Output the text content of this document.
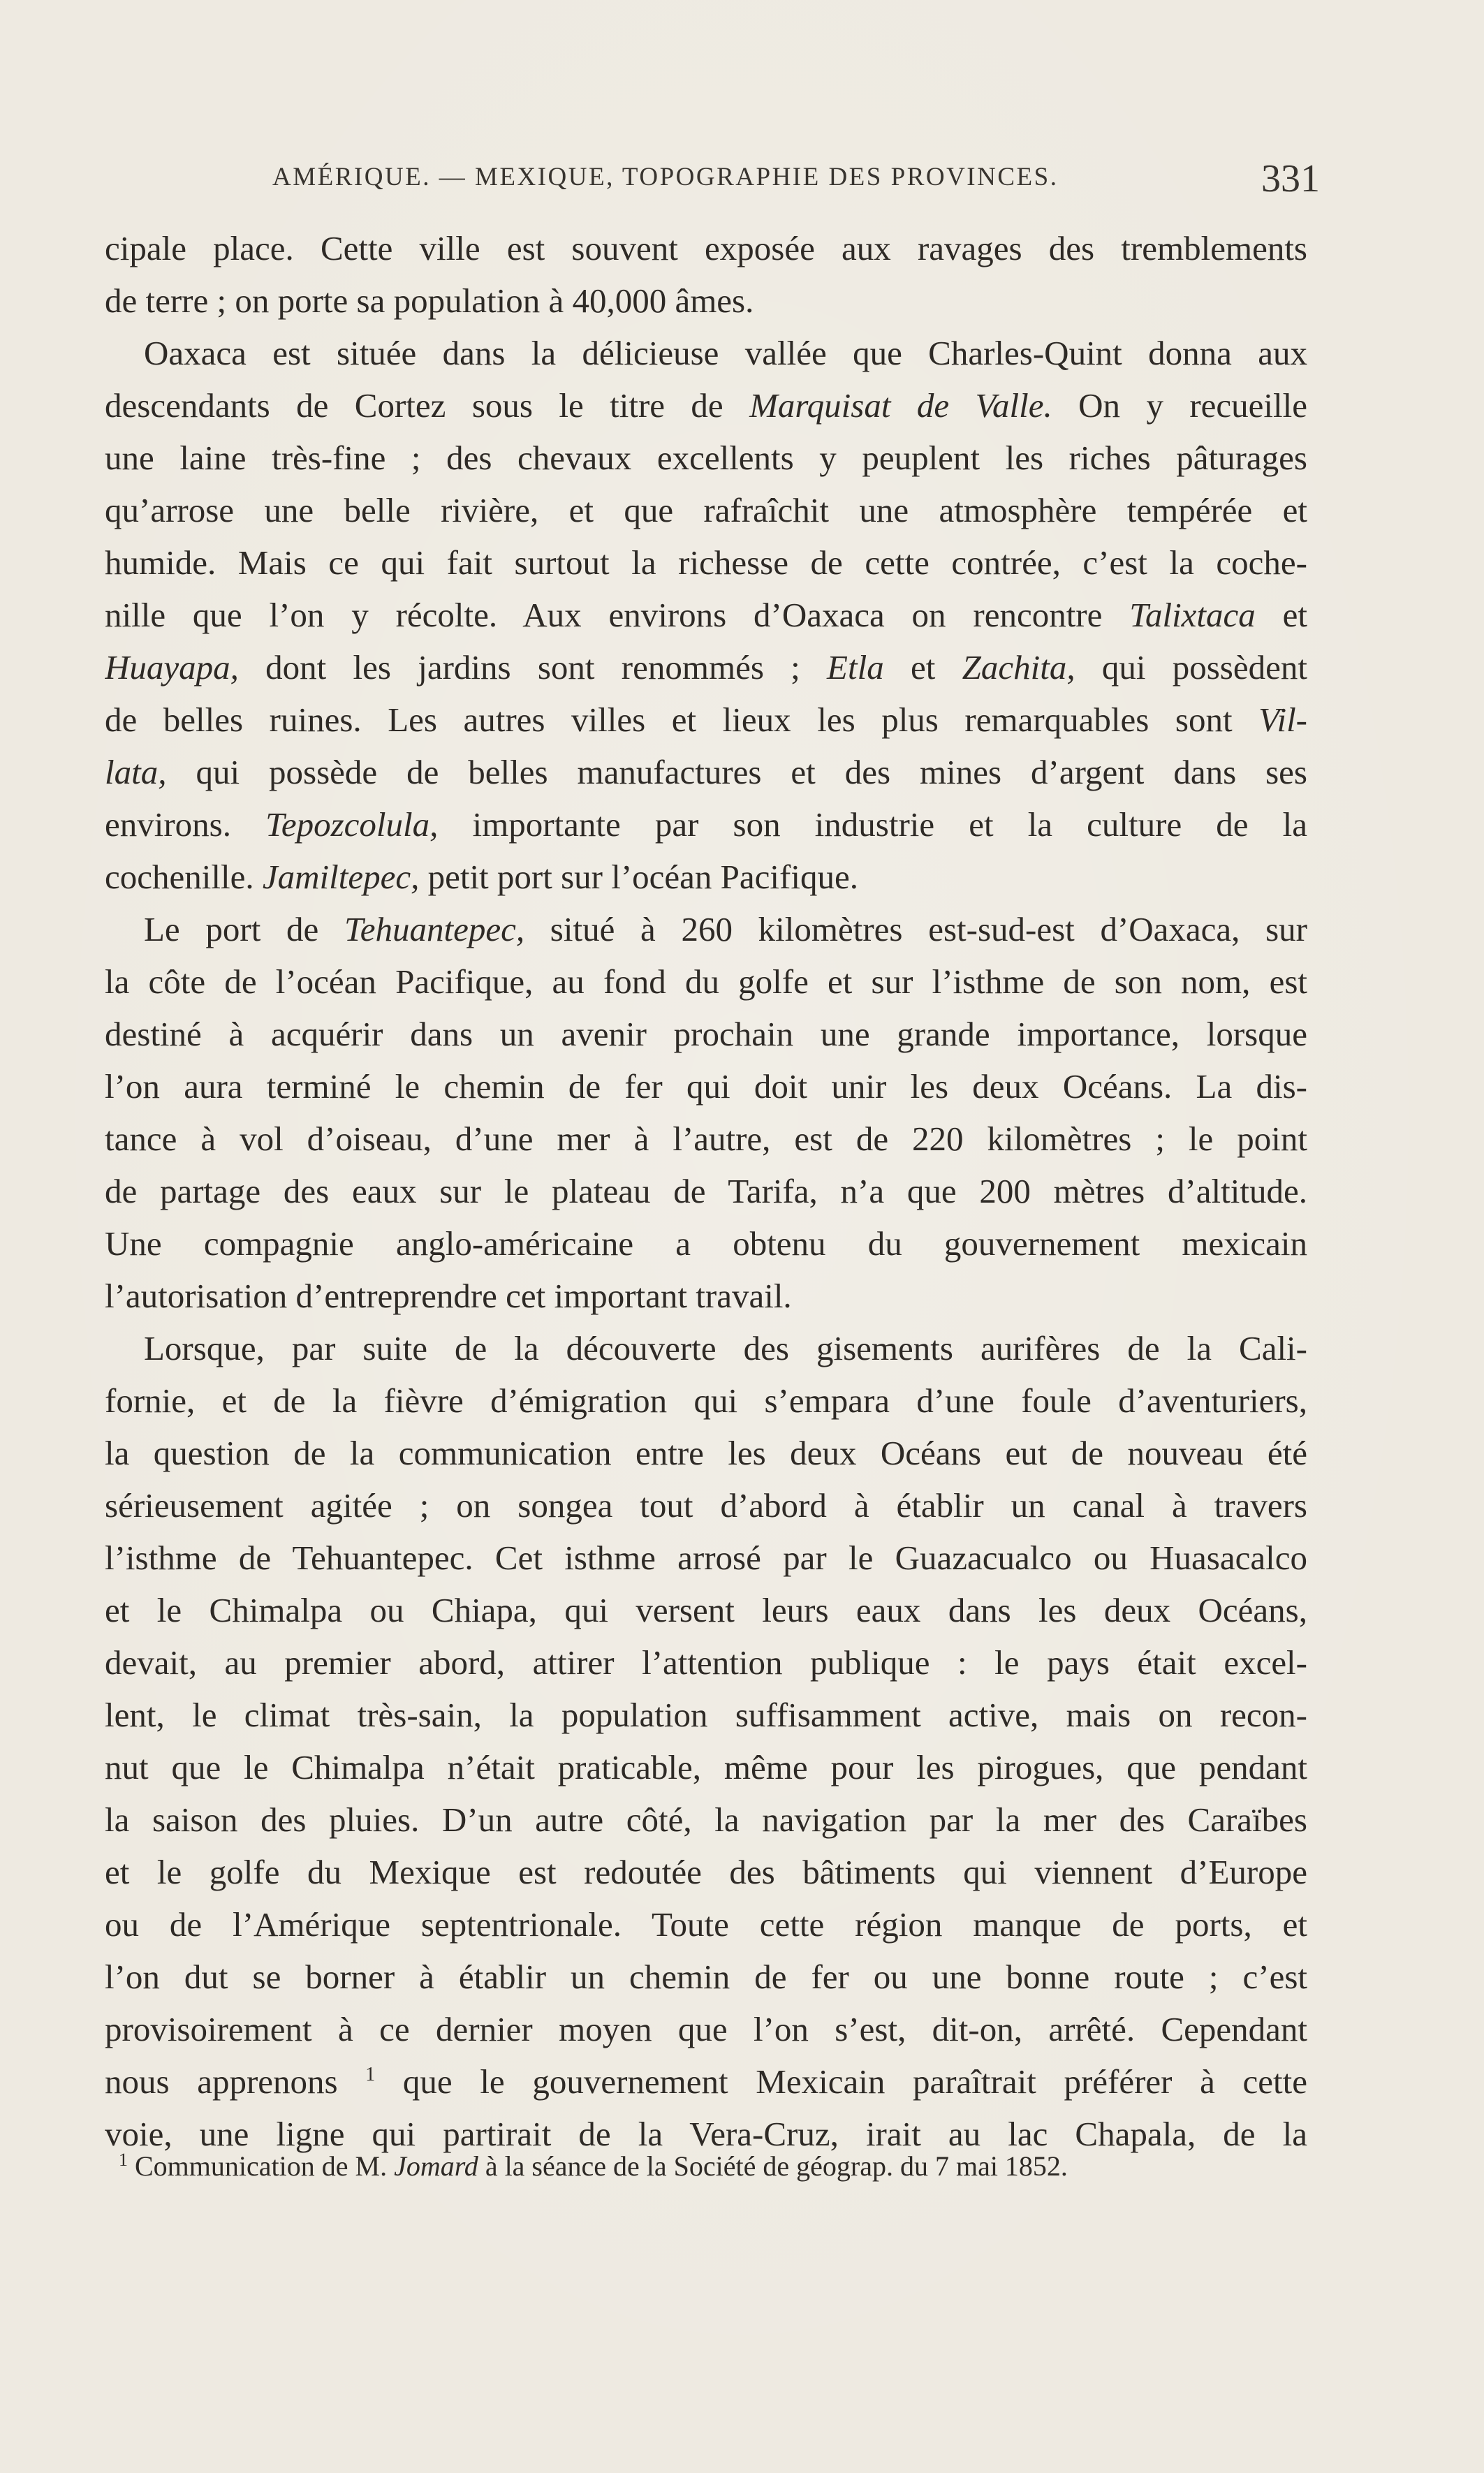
AMÉRIQUE. — MEXIQUE, TOPOGRAPHIE DES PROVINCES.	331
cipale place. Cette ville est souvent exposée aux ravages des tremblements
de terre ; on porte sa population à 40,000 âmes.
Oaxaca est située dans la délicieuse vallée que Charles-Quint donna aux
descendants de Cortez sous le titre de Marquisat de Valle. On y recueille
une laine très-fine ; des chevaux excellents y peuplent les riches pâturages
qu’arrose une belle rivière, et que rafraîchit une atmosphère tempérée et
humide. Mais ce qui fait surtout la richesse de cette contrée, c’est la coche-
nille que l’on y récolte. Aux environs d’Oaxaca on rencontre Talixtaca et
Huayapa, dont les jardins sont renommés ; Etla et Zachita, qui possèdent
de belles ruines. Les autres villes et lieux les plus remarquables sont Vil-
lata, qui possède de belles manufactures et des mines d’argent dans ses
environs. Tepozcolula, importante par son industrie et la culture de la
cochenille. Jamiltepec, petit port sur l’océan Pacifique.
Le port de Tehuantepec, situé à 260 kilomètres est-sud-est d’Oaxaca, sur
la côte de l’océan Pacifique, au fond du golfe et sur l’isthme de son nom, est
destiné à acquérir dans un avenir prochain une grande importance, lorsque
l’on aura terminé le chemin de fer qui doit unir les deux Océans. La dis-
tance à vol d’oiseau, d’une mer à l’autre, est de 220 kilomètres ; le point
de partage des eaux sur le plateau de Tarifa, n’a que 200 mètres d’altitude.
Une compagnie anglo-américaine a obtenu du gouvernement mexicain
l’autorisation d’entreprendre cet important travail.
Lorsque, par suite de la découverte des gisements aurifères de la Cali-
fornie, et de la fièvre d’émigration qui s’empara d’une foule d’aventuriers,
la question de la communication entre les deux Océans eut de nouveau été
sérieusement agitée ; on songea tout d’abord à établir un canal à travers
l’isthme de Tehuantepec. Cet isthme arrosé par le Guazacualco ou Huasacalco
et le Chimalpa ou Chiapa, qui versent leurs eaux dans les deux Océans,
devait, au premier abord, attirer l’attention publique : le pays était excel-
lent, le climat très-sain, la population suffisamment active, mais on recon-
nut que le Chimalpa n’était praticable, même pour les pirogues, que pendant
la saison des pluies. D’un autre côté, la navigation par la mer des Caraïbes
et le golfe du Mexique est redoutée des bâtiments qui viennent d’Europe
ou de l’Amérique septentrionale. Toute cette région manque de ports, et
l’on dut se borner à établir un chemin de fer ou une bonne route ; c’est
provisoirement à ce dernier moyen que l’on s’est, dit-on, arrêté. Cependant
nous apprenons $^1$ que le gouvernement Mexicain paraîtrait préférer à cette
voie, une ligne qui partirait de la Vera-Cruz, irait au lac Chapala, de la
$^1$ Communication de M. Jomard à la séance de la Société de géograp. du 7 mai 1852.
